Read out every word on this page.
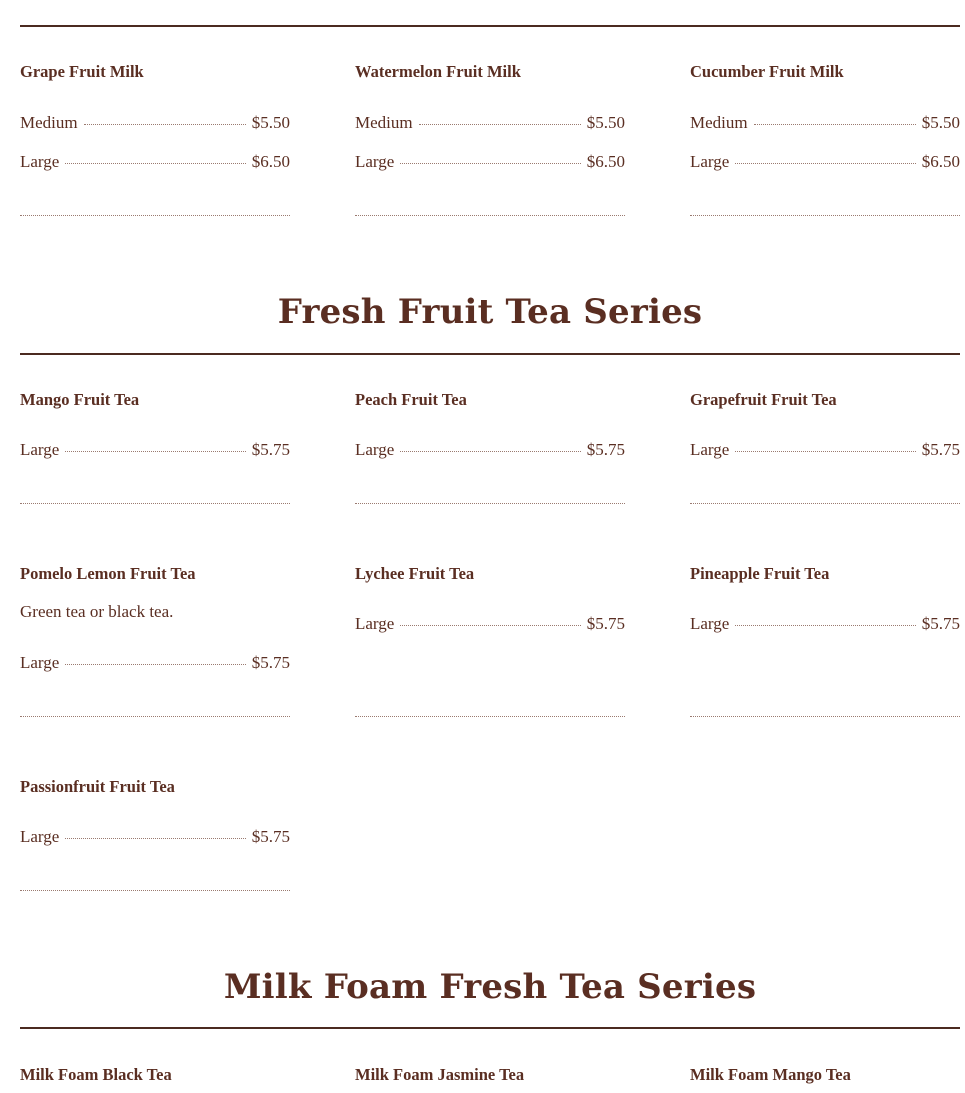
Grape Fruit Milk
Medium	$5.50
Large	$6.50
Watermelon Fruit Milk
Medium	$5.50
Large	$6.50
Cucumber Fruit Milk
Medium	$5.50
Large	$6.50
Fresh Fruit Tea Series
Mango Fruit Tea
Large	$5.75
Peach Fruit Tea
Large	$5.75
Grapefruit Fruit Tea
Large	$5.75
Pomelo Lemon Fruit Tea
Green tea or black tea.
Large	$5.75
Lychee Fruit Tea
Large	$5.75
Pineapple Fruit Tea
Large	$5.75
Passionfruit Fruit Tea
Large	$5.75
Milk Foam Fresh Tea Series
Milk Foam Black Tea	Milk Foam Jasmine Tea	Milk Foam Mango Tea
